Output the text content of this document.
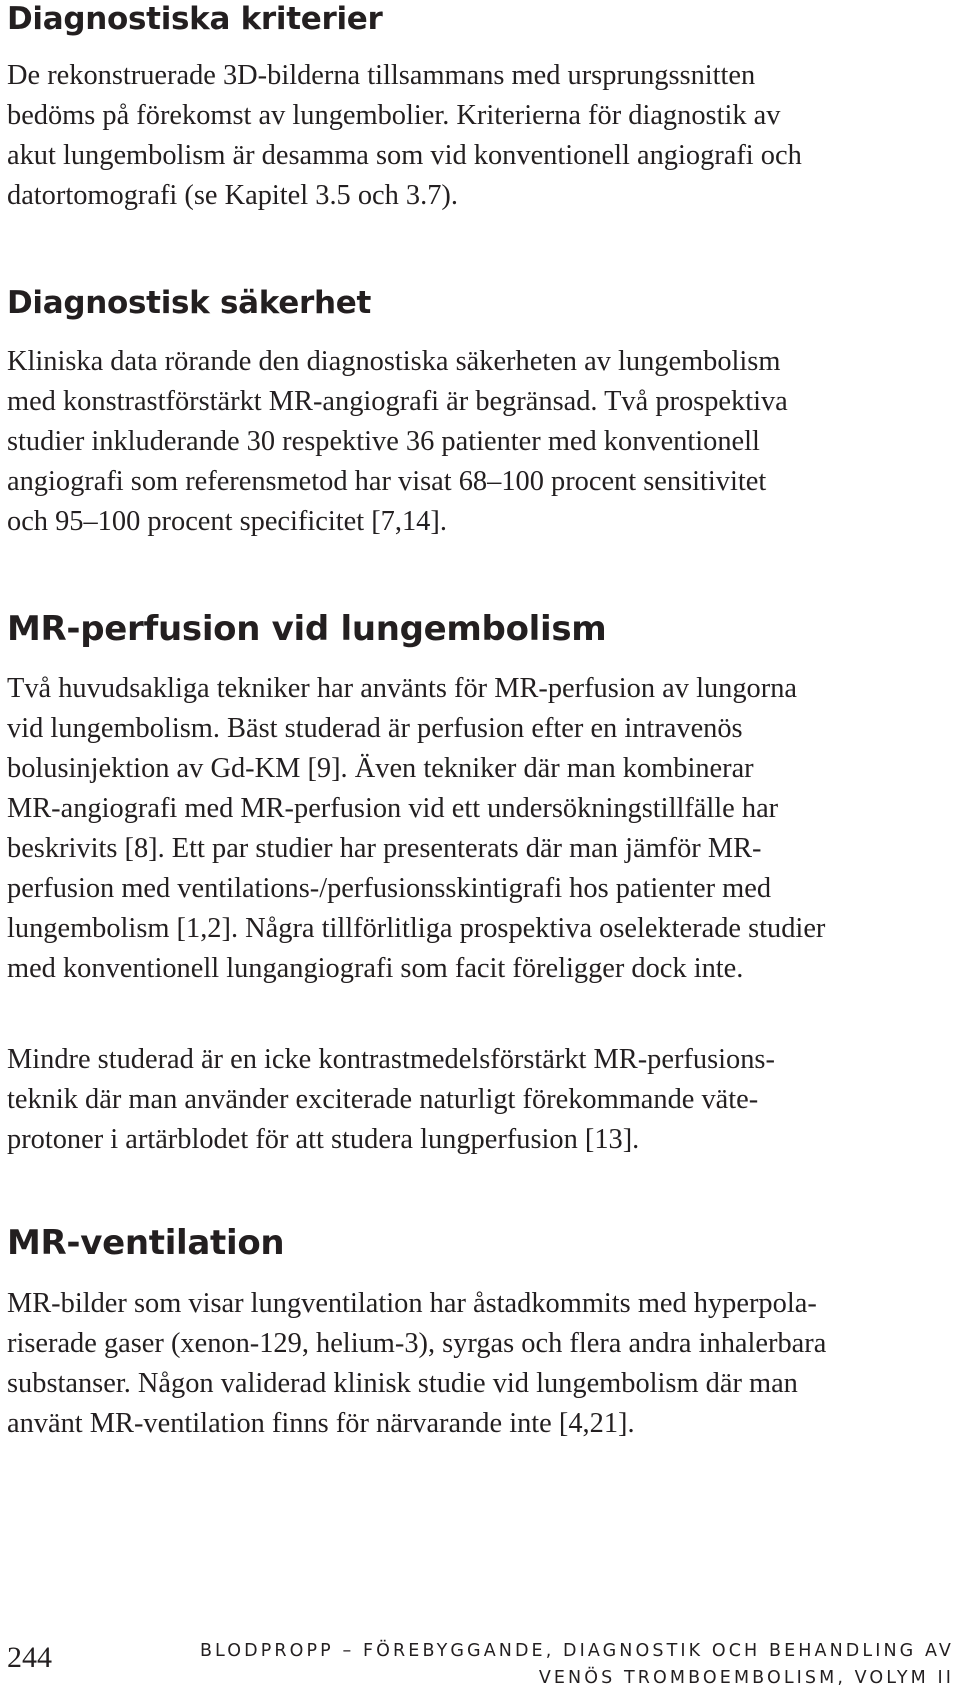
Diagnostiska kriterier

De rekonstruerade 3D-bilderna tillsammans med ursprungssnitten
bedöms på förekomst av lungembolier. Kriterierna för diagnostik av
akut lungembolism är desamma som vid konventionell angiografi och
datortomografi (se Kapitel 3.5 och 3.7).

Diagnostisk säkerhet

Kliniska data rörande den diagnostiska säkerheten av lungembolism
med konstrastförstärkt MR-angiografi är begränsad. Två prospektiva
studier inkluderande 30 respektive 36 patienter med konventionell
angiografi som referensmetod har visat 68–100 procent sensitivitet
och 95–100 procent specificitet [7,14].

MR-perfusion vid lungembolism

Två huvudsakliga tekniker har använts för MR-perfusion av lungorna
vid lungembolism. Bäst studerad är perfusion efter en intravenös
bolusinjektion av Gd-KM [9]. Även tekniker där man kombinerar
MR-angiografi med MR-perfusion vid ett undersökningstillfälle har
beskrivits [8]. Ett par studier har presenterats där man jämför MR-
perfusion med ventilations-/perfusionsskintigrafi hos patienter med
lungembolism [1,2]. Några tillförlitliga prospektiva oselekterade studier
med konventionell lungangiografi som facit föreligger dock inte.

Mindre studerad är en icke kontrastmedelsförstärkt MR-perfusions-
teknik där man använder exciterade naturligt förekommande väte-
protoner i artärblodet för att studera lungperfusion [13].

MR-ventilation

MR-bilder som visar lungventilation har åstadkommits med hyperpola-
riserade gaser (xenon-129, helium-3), syrgas och flera andra inhalerbara
substanser. Någon validerad klinisk studie vid lungembolism där man
använt MR-ventilation finns för närvarande inte [4,21].

244	BLODPROPP – FÖREBYGGANDE, DIAGNOSTIK OCH BEHANDLING AV
VENÖS TROMBOEMBOLISM, VOLYM II
